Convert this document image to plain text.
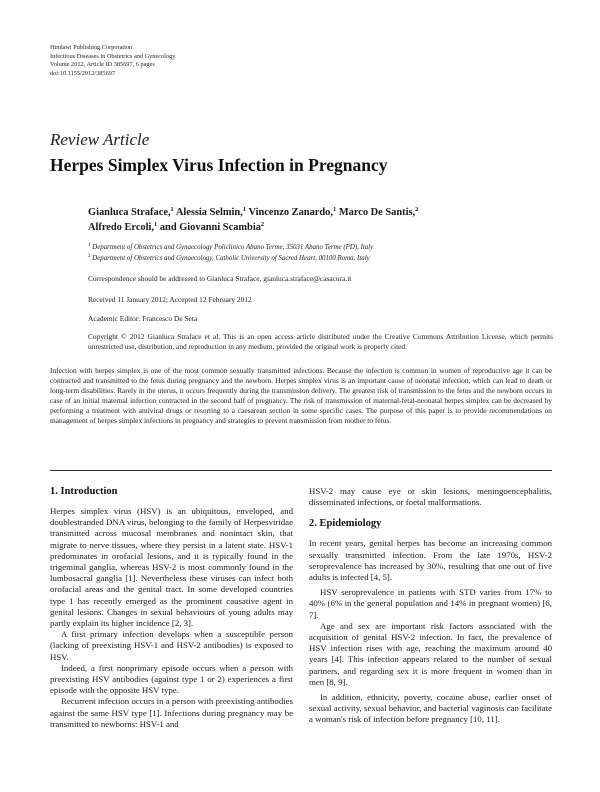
Hindawi Publishing Corporation
Infectious Diseases in Obstetrics and Gynecology
Volume 2012, Article ID 385697, 6 pages
doi:10.1155/2012/385697
Review Article
Herpes Simplex Virus Infection in Pregnancy
Gianluca Straface,$^1$ Alessia Selmin,$^1$ Vincenzo Zanardo,$^1$ Marco De Santis,$^2$
Alfredo Ercoli,$^1$ and Giovanni Scambia$^2$
$^1$ Department of Obstetrics and Gynaecology Policlinico Abano Terme, 35031 Abano Terme (PD), Italy
$^2$ Department of Obstetrics and Gynaecology, Catholic University of Sacred Heart, 00100 Roma, Italy
Correspondence should be addressed to Gianluca Straface, gianluca.straface@casacura.it
Received 11 January 2012; Accepted 12 February 2012
Academic Editor: Francesco De Seta
Copyright © 2012 Gianluca Straface et al. This is an open access article distributed under the Creative Commons Attribution License, which permits unrestricted use, distribution, and reproduction in any medium, provided the original work is properly cited.
Infection with herpes simplex is one of the most common sexually transmitted infections. Because the infection is common in women of reproductive age it can be contracted and transmitted to the fetus during pregnancy and the newborn. Herpes simplex virus is an important cause of neonatal infection, which can lead to death or long-term disabilities. Rarely in the uterus, it occurs frequently during the transmission delivery. The greatest risk of transmission to the fetus and the newborn occurs in case of an initial maternal infection contracted in the second half of pregnancy. The risk of transmission of maternal-fetal-neonatal herpes simplex can be decreased by performing a treatment with antiviral drugs or resorting to a caesarean section in some specific cases. The purpose of this paper is to provide recommendations on management of herpes simplex infections in pregnancy and strategies to prevent transmission from mother to fetus.
1. Introduction

Herpes simplex virus (HSV) is an ubiquitous, enveloped, and doublestranded DNA virus, belonging to the family of Herpesviridae transmitted across mucosal membranes and nonintact skin, that migrate to nerve tissues, where they persist in a latent state. HSV-1 predominates in orofacial lesions, and it is typically found in the trigeminal ganglia, whereas HSV-2 is most commonly found in the lumbosacral ganglia [1]. Nevertheless these viruses can infect both orofacial areas and the genital tract. In some developed countries type 1 has recently emerged as the prominent causative agent in genital lesions. Changes in sexual behaviours of young adults may partly explain its higher incidence [2, 3].

A first primary infection develops when a susceptible person (lacking of preexisting HSV-1 and HSV-2 antibodies) is exposed to HSV.

Indeed, a first nonprimary episode occurs when a person with preexisting HSV antibodies (against type 1 or 2) experiences a first episode with the opposite HSV type.

Recurrent infection occurs in a person with preexisting antibodies against the same HSV type [1]. Infections during pregnancy may be transmitted to newborns: HSV-1 and

HSV-2 may cause eye or skin lesions, meningoencephalitis, disseminated infections, or foetal malformations.

2. Epidemiology

In recent years, genital herpes has become an increasing common sexually transmitted infection. From the late 1970s, HSV-2 seroprevalence has increased by 30%, resulting that one out of five adults is infected [4, 5].

HSV seroprevalence in patients with STD varies from 17% to 40% (6% in the general population and 14% in pregnant women) [6, 7].

Age and sex are important risk factors associated with the acquisition of genital HSV-2 infection. In fact, the prevalence of HSV infection rises with age, reaching the maximum around 40 years [4]. This infection appears related to the number of sexual partners, and regarding sex it is more frequent in women than in men [8, 9].

In addition, ethnicity, poverty, cocaine abuse, earlier onset of sexual activity, sexual behavior, and bacterial vaginosis can facilitate a woman's risk of infection before pregnancy [10, 11].
